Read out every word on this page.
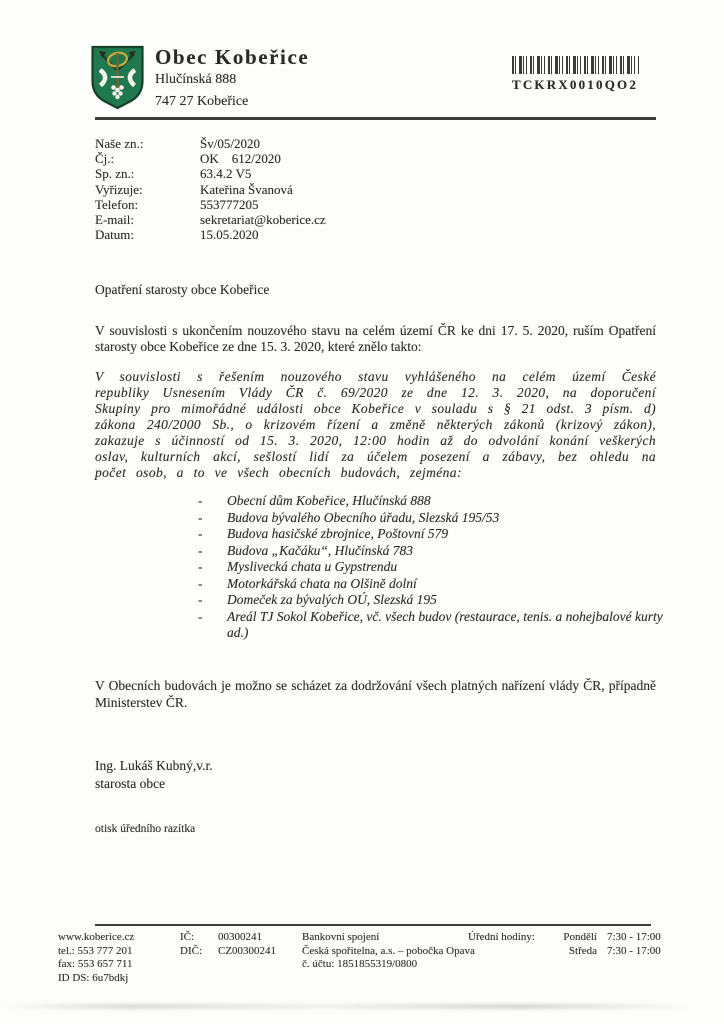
Obec Kobeřice
Hlučínská 888
747 27 Kobeřice
TCKRX0010QO2
Naše zn.:	Šv/05/2020
Čj.:	OK    612/2020
Sp. zn.:	63.4.2 V5
Vyřizuje:	Kateřina Švanová
Telefon:	553777205
E-mail:	sekretariat@koberice.cz
Datum:	15.05.2020
Opatření starosty obce Kobeřice
V souvislosti s ukončením nouzového stavu na celém území ČR ke dni 17. 5. 2020, ruším Opatření starosty obce Kobeřice ze dne 15. 3. 2020, které znělo takto:
V souvislosti s řešením nouzového stavu vyhlášeného na celém území České republiky Usnesením Vlády ČR č. 69/2020 ze dne 12. 3. 2020, na doporučení Skupiny pro mimořádné události obce Kobeřice v souladu s § 21 odst. 3 písm. d) zákona 240/2000 Sb., o krizovém řízení a změně některých zákonů (krizový zákon), zakazuje s účinností od 15. 3. 2020, 12:00 hodin až do odvolání konání veškerých oslav, kulturních akcí, sešlostí lidí za účelem posezení a zábavy, bez ohledu na počet osob, a to ve všech obecních budovách, zejména:
-	Obecní dům Kobeřice, Hlučínská 888
-	Budova bývalého Obecního úřadu, Slezská 195/53
-	Budova hasičské zbrojnice, Poštovní 579
-	Budova „Kačáku“, Hlučínská 783
-	Myslivecká chata u Gypstrendu
-	Motorkářská chata na Olšině dolní
-	Domeček za bývalých OÚ, Slezská 195
-	Areál TJ Sokol Kobeřice, vč. všech budov (restaurace, tenis. a nohejbalové kurty ad.)
V Obecních budovách je možno se scházet za dodržování všech platných nařízení vlády ČR, případně Ministerstev ČR.
Ing. Lukáš Kubný,v.r.
starosta obce
otisk úředního razítka
www.koberice.cz
tel.: 553 777 201
fax: 553 657 711
ID DS: 6u7bdkj
IČ:	00300241
DIČ:	CZ00300241
Bankovní spojení
Česká spořitelna, a.s. – pobočka Opava
č. účtu: 1851855319/0800
Úřední hodiny:	Pondělí 7:30 - 17:00
Středa 7:30 - 17:00
